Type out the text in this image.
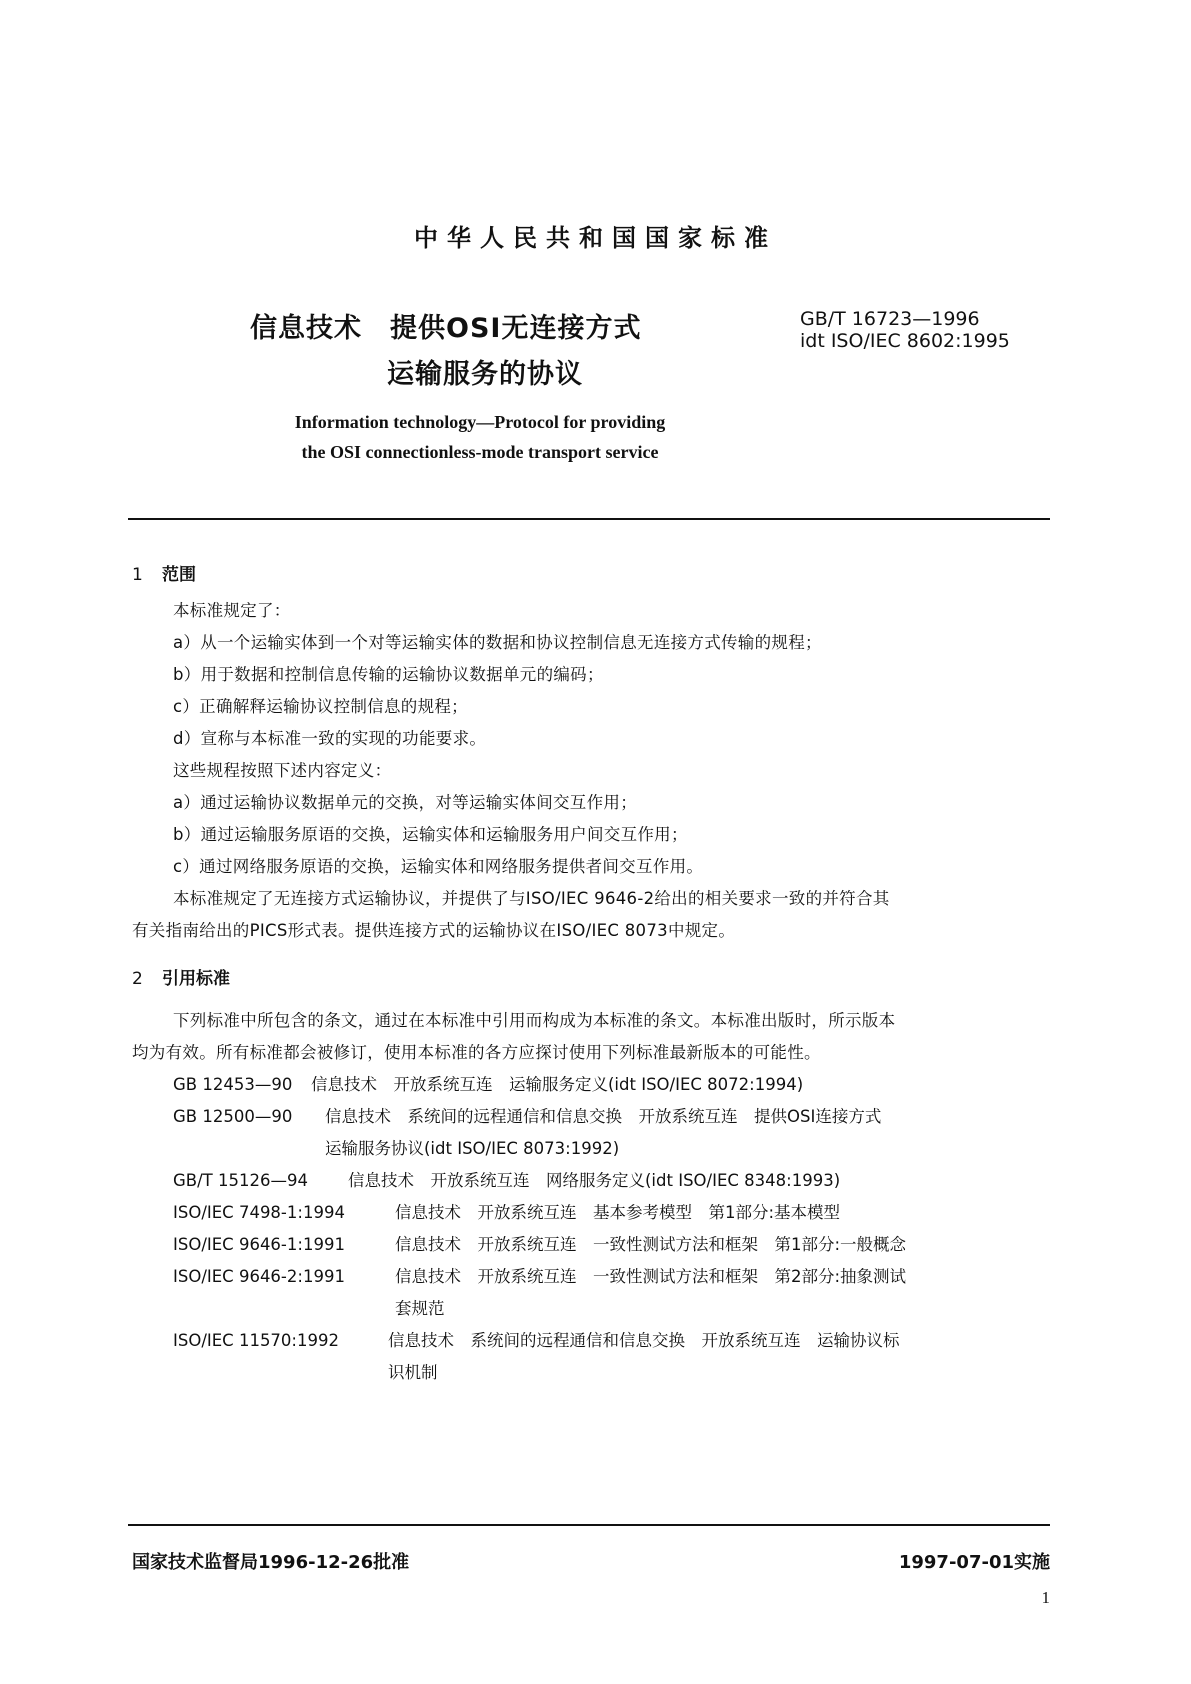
中华人民共和国国家标准
信息技术　提供OSI无连接方式
运输服务的协议
GB/T 16723—1996
idt ISO/IEC 8602:1995
Information technology—Protocol for providing
the OSI connectionless-mode transport service
1 范围
本标准规定了：
a）从一个运输实体到一个对等运输实体的数据和协议控制信息无连接方式传输的规程；
b）用于数据和控制信息传输的运输协议数据单元的编码；
c）正确解释运输协议控制信息的规程；
d）宣称与本标准一致的实现的功能要求。
这些规程按照下述内容定义：
a）通过运输协议数据单元的交换，对等运输实体间交互作用；
b）通过运输服务原语的交换，运输实体和运输服务用户间交互作用；
c）通过网络服务原语的交换，运输实体和网络服务提供者间交互作用。
本标准规定了无连接方式运输协议，并提供了与ISO/IEC 9646-2给出的相关要求一致的并符合其
有关指南给出的PICS形式表。提供连接方式的运输协议在ISO/IEC 8073中规定。
2 引用标准
下列标准中所包含的条文，通过在本标准中引用而构成为本标准的条文。本标准出版时，所示版本
均为有效。所有标准都会被修订，使用本标准的各方应探讨使用下列标准最新版本的可能性。
GB 12453—90 信息技术　开放系统互连　运输服务定义(idt ISO/IEC 8072:1994)
GB 12500—90 信息技术　系统间的远程通信和信息交换　开放系统互连　提供OSI连接方式
运输服务协议(idt ISO/IEC 8073:1992)
GB/T 15126—94 信息技术　开放系统互连　网络服务定义(idt ISO/IEC 8348:1993)
ISO/IEC 7498-1:1994	信息技术　开放系统互连　基本参考模型　第1部分:基本模型
ISO/IEC 9646-1:1991	信息技术　开放系统互连　一致性测试方法和框架　第1部分:一般概念
ISO/IEC 9646-2:1991	信息技术　开放系统互连　一致性测试方法和框架　第2部分:抽象测试
套规范
ISO/IEC 11570:1992	信息技术　系统间的远程通信和信息交换　开放系统互连　运输协议标
识机制
国家技术监督局1996-12-26批准	1997-07-01实施
1
